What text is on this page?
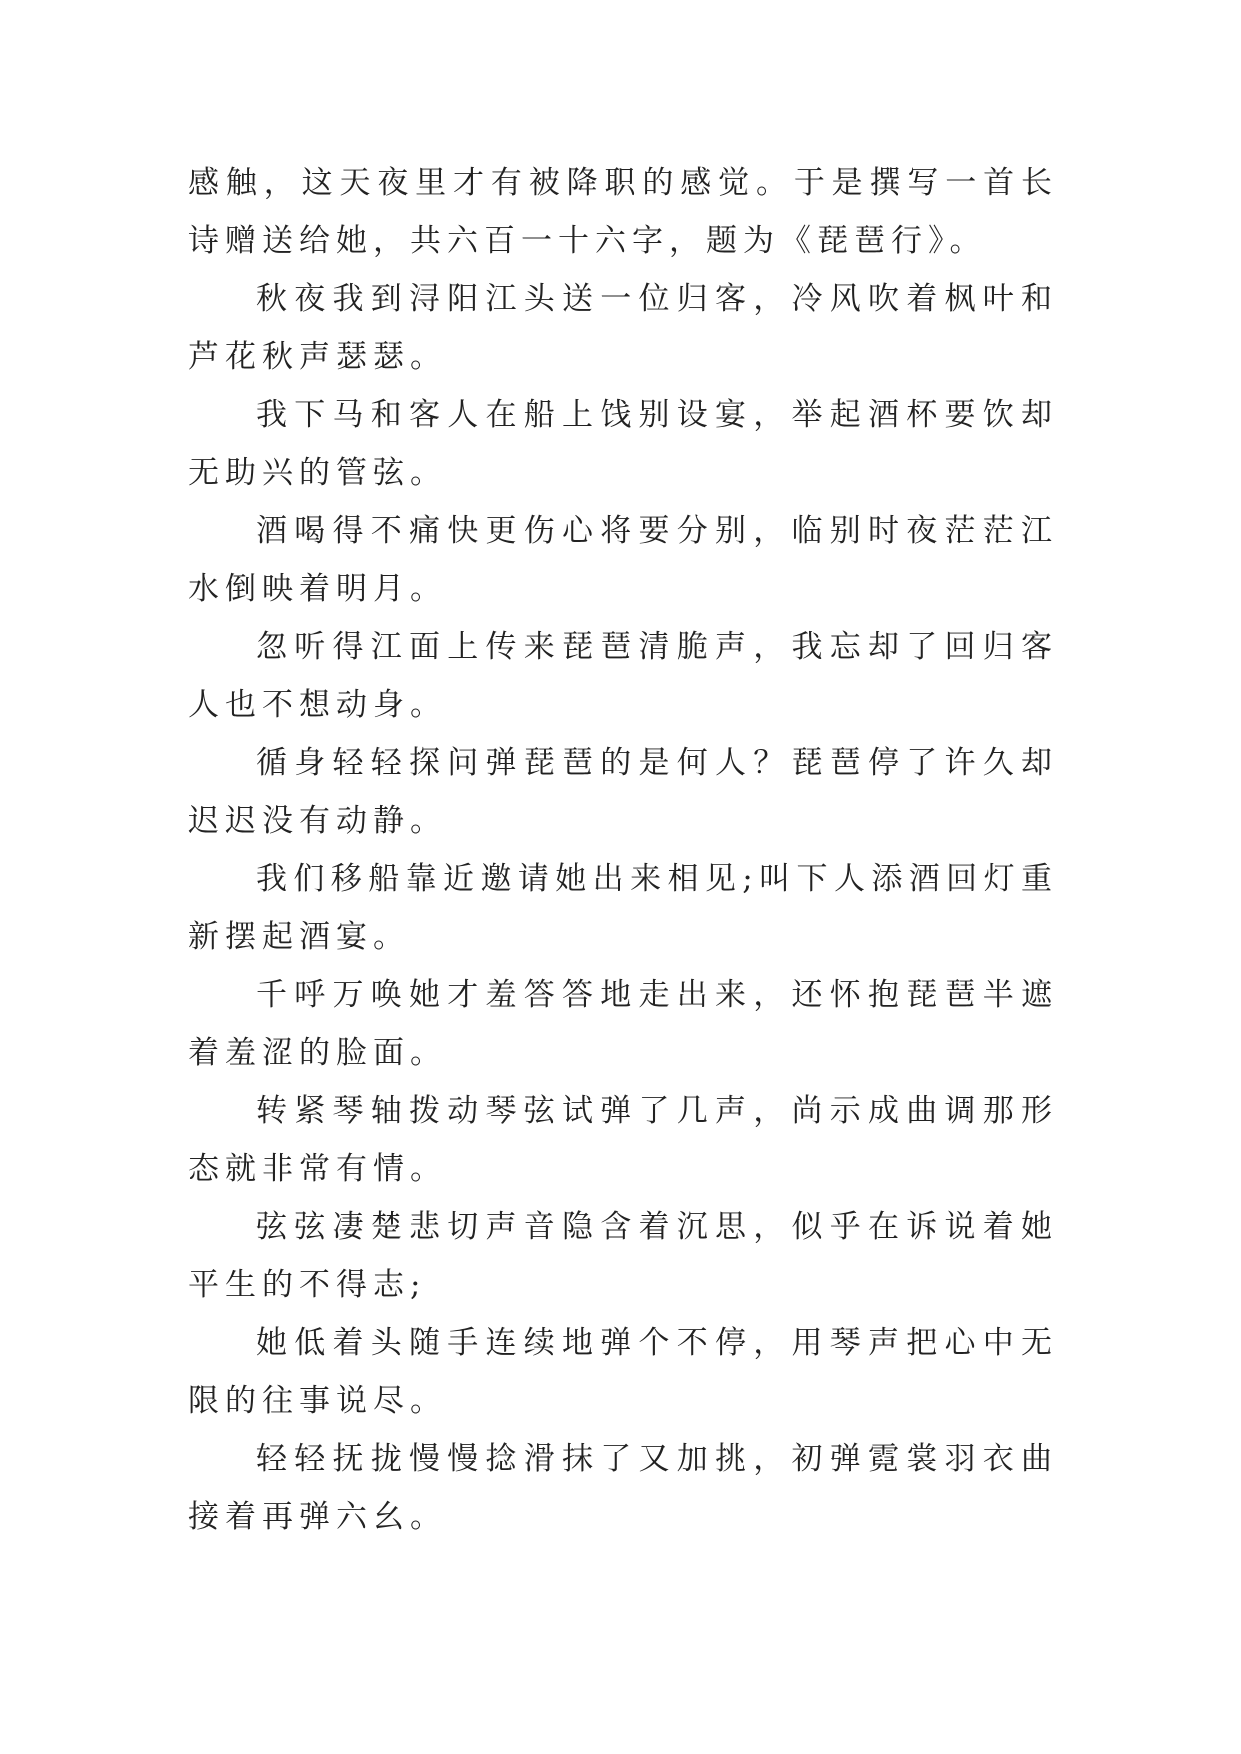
感触，这天夜里才有被降职的感觉。于是撰写一首长诗赠送给她，共六百一十六字，题为《琵琶行》。

秋夜我到浔阳江头送一位归客，冷风吹着枫叶和芦花秋声瑟瑟。

我下马和客人在船上饯别设宴，举起酒杯要饮却无助兴的管弦。

酒喝得不痛快更伤心将要分别，临别时夜茫茫江水倒映着明月。

忽听得江面上传来琵琶清脆声，我忘却了回归客人也不想动身。

循身轻轻探问弹琵琶的是何人？琵琶停了许久却迟迟没有动静。

我们移船靠近邀请她出来相见;叫下人添酒回灯重新摆起酒宴。

千呼万唤她才羞答答地走出来，还怀抱琵琶半遮着羞涩的脸面。

转紧琴轴拨动琴弦试弹了几声，尚示成曲调那形态就非常有情。

弦弦凄楚悲切声音隐含着沉思，似乎在诉说着她平生的不得志;

她低着头随手连续地弹个不停，用琴声把心中无限的往事说尽。

轻轻抚拢慢慢捻滑抹了又加挑，初弹霓裳羽衣曲接着再弹六幺。
